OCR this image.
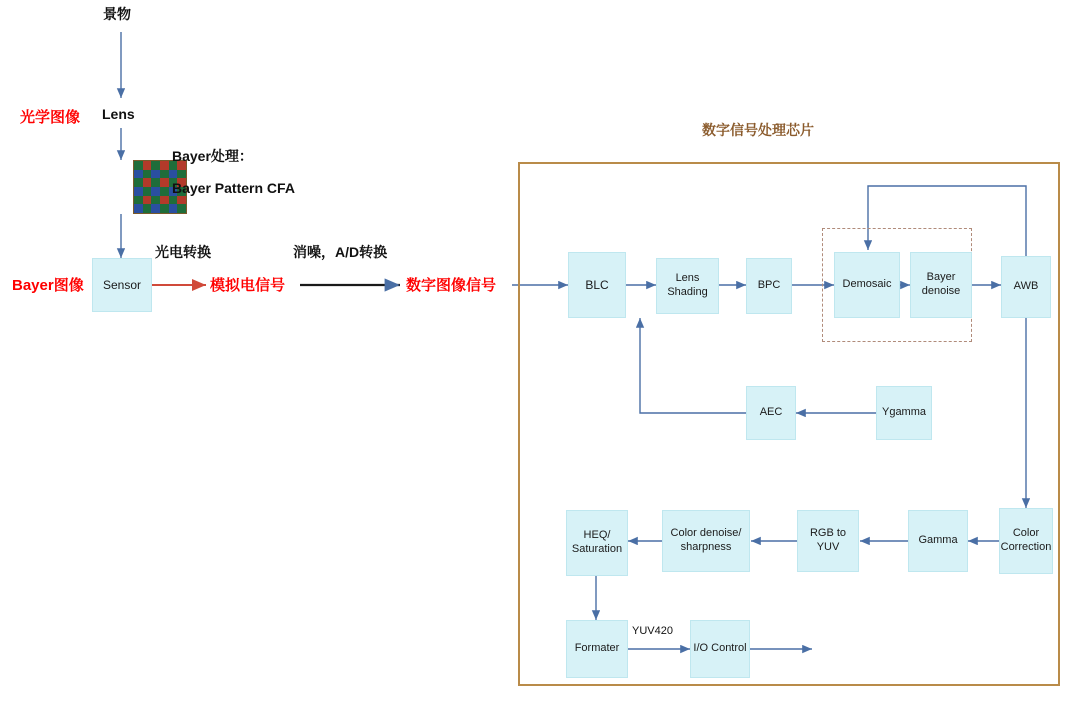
景物
光学图像 Lens
Bayer处理：
Bayer Pattern CFA
Bayer图像
光电转换
模拟电信号
消噪，A/D转换
数字图像信号
数字信号处理芯片
YUV420
Sensor	BLC	Lens Shading
BPC	Demosaic
Bayer denoise	AWB
AEC	Ygamma
Color Correction
Gamma
RGB to YUV
Color denoise/ sharpness
HEQ/ Saturation
Formater	I/O Control
